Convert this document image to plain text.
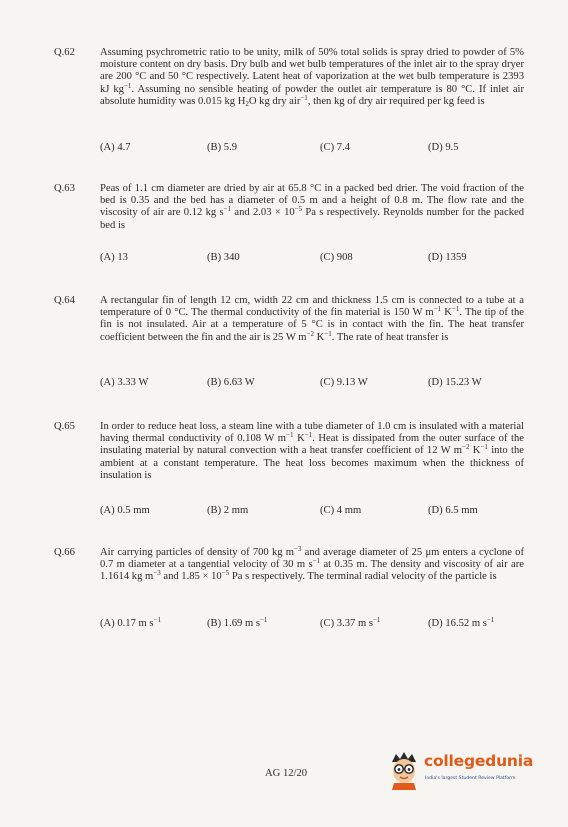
Q.62	Assuming psychrometric ratio to be unity, milk of 50% total solids is spray dried to powder of 5% moisture content on dry basis. Dry bulb and wet bulb temperatures of the inlet air to the spray dryer are 200 °C and 50 °C respectively. Latent heat of vaporization at the wet bulb temperature is 2393 kJ $kg^{-1}$. Assuming no sensible heating of powder the outlet air temperature is 80 °C. If inlet air absolute humidity was 0.015 kg $H_2O$ kg dry air$^{-1}$, then kg of dry air required per kg feed is
(A) 4.7	(B) 5.9	(C) 7.4	(D) 9.5
Q.63	Peas of 1.1 cm diameter are dried by air at 65.8 °C in a packed bed drier. The void fraction of the bed is 0.35 and the bed has a diameter of 0.5 m and a height of 0.8 m. The flow rate and the viscosity of air are 0.12 kg $s^{-1}$ and $2.03 \times 10^{-5}$ Pa s respectively. Reynolds number for the packed bed is
(A) 13	(B) 340	(C) 908	(D) 1359
Q.64	A rectangular fin of length 12 cm, width 22 cm and thickness 1.5 cm is connected to a tube at a temperature of 0 °C. The thermal conductivity of the fin material is 150 W $m^{-1}$ $K^{-1}$. The tip of the fin is not insulated. Air at a temperature of 5 °C is in contact with the fin. The heat transfer coefficient between the fin and the air is 25 W $m^{-2}$ $K^{-1}$. The rate of heat transfer is
(A) 3.33 W	(B) 6.63 W	(C) 9.13 W	(D) 15.23 W
Q.65	In order to reduce heat loss, a steam line with a tube diameter of 1.0 cm is insulated with a material having thermal conductivity of 0.108 W $m^{-1}$ $K^{-1}$. Heat is dissipated from the outer surface of the insulating material by natural convection with a heat transfer coefficient of 12 W $m^{-2}$ $K^{-1}$ into the ambient at a constant temperature. The heat loss becomes maximum when the thickness of insulation is
(A) 0.5 mm	(B) 2 mm	(C) 4 mm	(D) 6.5 mm
Q.66	Air carrying particles of density of 700 kg $m^{-3}$ and average diameter of 25 μm enters a cyclone of 0.7 m diameter at a tangential velocity of 30 m $s^{-1}$ at 0.35 m. The density and viscosity of air are 1.1614 kg $m^{-3}$ and $1.85 \times 10^{-5}$ Pa s respectively. The terminal radial velocity of the particle is
(A) 0.17 m $s^{-1}$	(B) 1.69 m $s^{-1}$	(C) 3.37 m $s^{-1}$	(D) 16.52 m $s^{-1}$
AG 12/20
collegedunia
India's largest Student Review Platform
